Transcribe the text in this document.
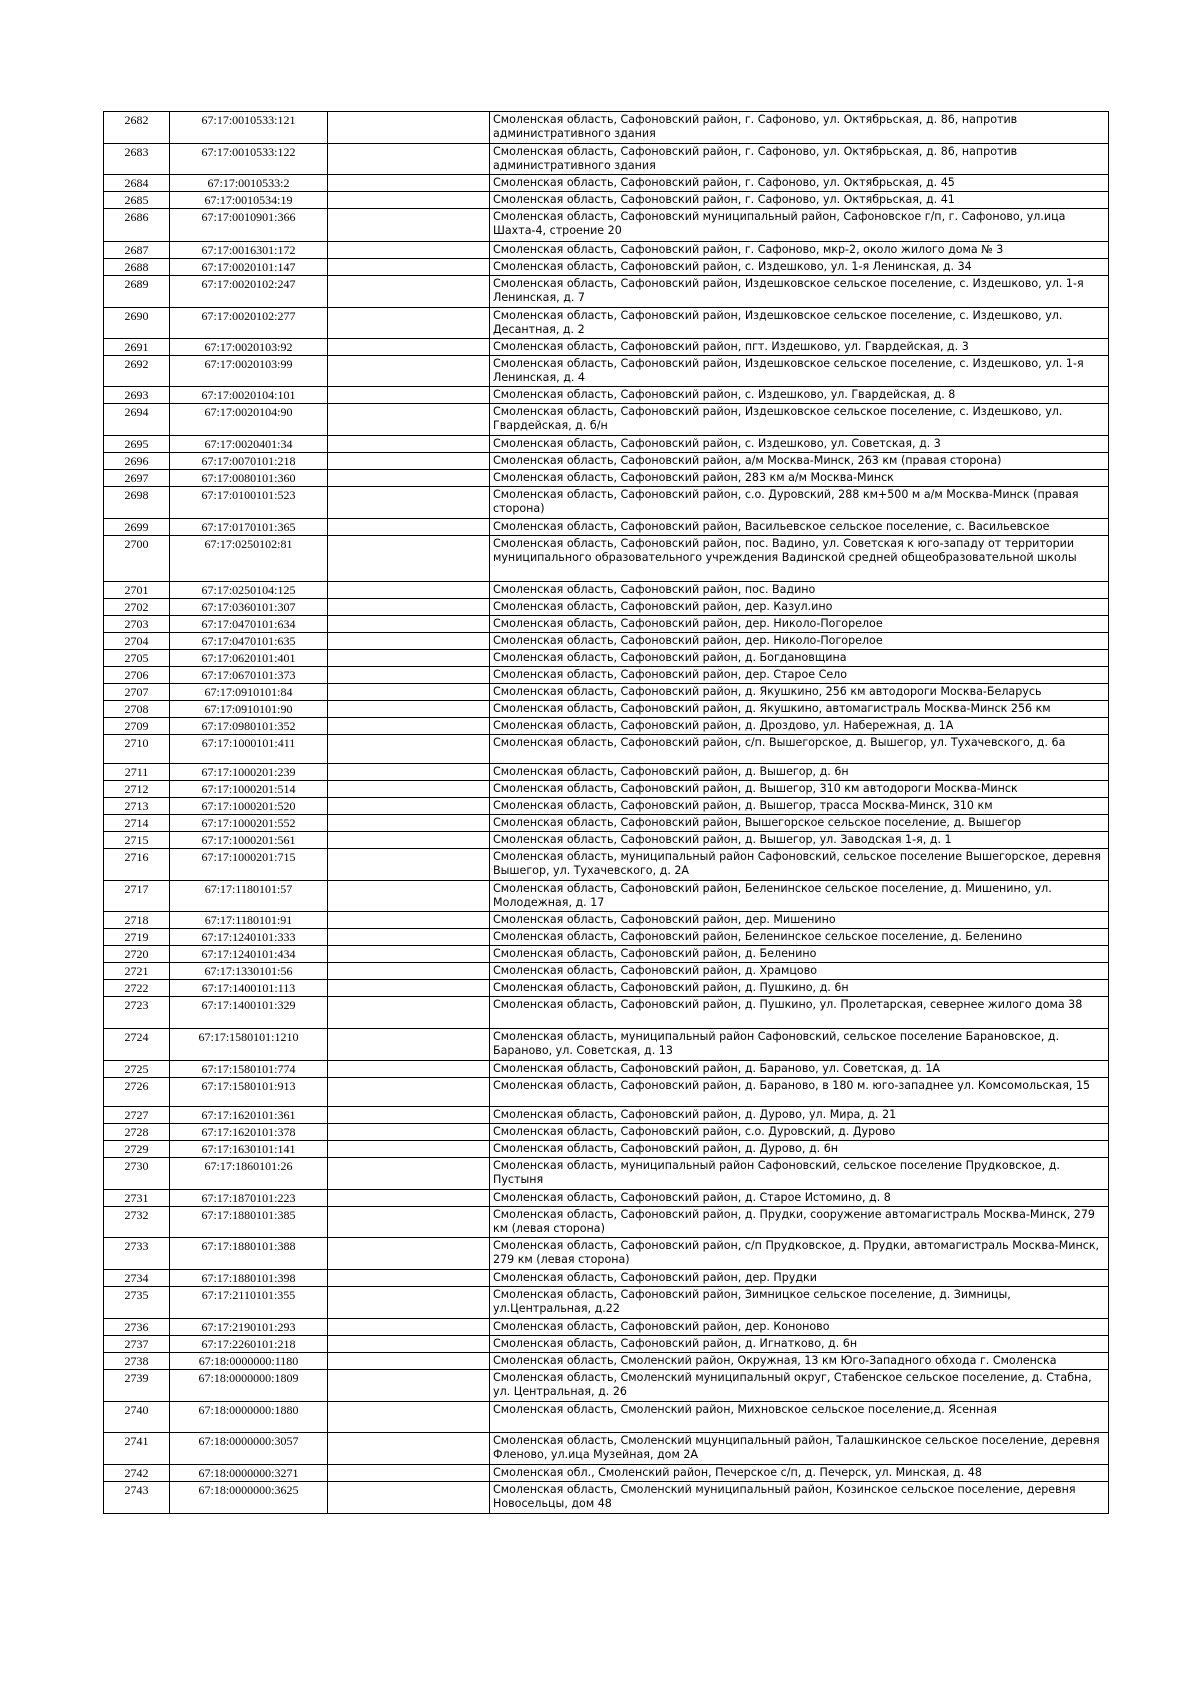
2682	67:17:0010533:121		Смоленская область, Сафоновский район, г. Сафоново, ул. Октябрьская, д. 86, напротив административного здания
2683	67:17:0010533:122		Смоленская область, Сафоновский район, г. Сафоново, ул. Октябрьская, д. 86, напротив административного здания
2684	67:17:0010533:2		Смоленская область, Сафоновский район, г. Сафоново, ул. Октябрьская, д. 45
2685	67:17:0010534:19		Смоленская область, Сафоновский район, г. Сафоново, ул. Октябрьская, д. 41
2686	67:17:0010901:366		Смоленская область, Сафоновский муниципальный район, Сафоновское г/п, г. Сафоново, ул.ица Шахта-4, строение 20
2687	67:17:0016301:172		Смоленская область, Сафоновский район, г. Сафоново, мкр-2, около жилого дома № 3
2688	67:17:0020101:147		Смоленская область, Сафоновский район, с. Издешково, ул. 1-я Ленинская, д. 34
2689	67:17:0020102:247		Смоленская область, Сафоновский район, Издешковское сельское поселение, с. Издешково, ул. 1-я Ленинская, д. 7
2690	67:17:0020102:277		Смоленская область, Сафоновский район, Издешковское сельское поселение, с. Издешково, ул. Десантная, д. 2
2691	67:17:0020103:92		Смоленская область, Сафоновский район, пгт. Издешково, ул. Гвардейская, д. 3
2692	67:17:0020103:99		Смоленская область, Сафоновский район, Издешковское сельское поселение, с. Издешково, ул. 1-я Ленинская, д. 4
2693	67:17:0020104:101		Смоленская область, Сафоновский район, с. Издешково, ул. Гвардейская, д. 8
2694	67:17:0020104:90		Смоленская область, Сафоновский район, Издешковское сельское поселение, с. Издешково, ул. Гвардейская, д. б/н
2695	67:17:0020401:34		Смоленская область, Сафоновский район, с. Издешково, ул. Советская, д. 3
2696	67:17:0070101:218		Смоленская область, Сафоновский район, а/м Москва-Минск, 263 км (правая сторона)
2697	67:17:0080101:360		Смоленская область, Сафоновский район, 283 км а/м Москва-Минск
2698	67:17:0100101:523		Смоленская область, Сафоновский район, с.о. Дуровский, 288 км+500 м а/м Москва-Минск (правая сторона)
2699	67:17:0170101:365		Смоленская область, Сафоновский район, Васильевское сельское поселение, с. Васильевское
2700	67:17:0250102:81		Смоленская область, Сафоновский район, пос. Вадино, ул. Советская к юго-западу от территории муниципального образовательного учреждения Вадинской средней общеобразовательной школы
2701	67:17:0250104:125		Смоленская область, Сафоновский район, пос. Вадино
2702	67:17:0360101:307		Смоленская область, Сафоновский район, дер. Казул.ино
2703	67:17:0470101:634		Смоленская область, Сафоновский район, дер. Николо-Погорелое
2704	67:17:0470101:635		Смоленская область, Сафоновский район, дер. Николо-Погорелое
2705	67:17:0620101:401		Смоленская область, Сафоновский район, д. Богдановщина
2706	67:17:0670101:373		Смоленская область, Сафоновский район, дер. Старое Село
2707	67:17:0910101:84		Смоленская область, Сафоновский район, д. Якушкино, 256 км автодороги Москва-Беларусь
2708	67:17:0910101:90		Смоленская область, Сафоновский район, д. Якушкино, автомагистраль Москва-Минск 256 км
2709	67:17:0980101:352		Смоленская область, Сафоновский район, д. Дроздово, ул. Набережная, д. 1А
2710	67:17:1000101:411		Смоленская область, Сафоновский район, с/п. Вышегорское, д. Вышегор, ул. Тухачевского, д. 6а
2711	67:17:1000201:239		Смоленская область, Сафоновский район, д. Вышегор, д. 6н
2712	67:17:1000201:514		Смоленская область, Сафоновский район, д. Вышегор, 310 км автодороги Москва-Минск
2713	67:17:1000201:520		Смоленская область, Сафоновский район, д. Вышегор, трасса Москва-Минск, 310 км
2714	67:17:1000201:552		Смоленская область, Сафоновский район, Вышегорское сельское поселение, д. Вышегор
2715	67:17:1000201:561		Смоленская область, Сафоновский район, д. Вышегор, ул. Заводская 1-я, д. 1
2716	67:17:1000201:715		Смоленская область, муниципальный район Сафоновский, сельское поселение Вышегорское, деревня Вышегор, ул. Тухачевского, д. 2А
2717	67:17:1180101:57		Смоленская область, Сафоновский район, Беленинское сельское поселение, д. Мишенино, ул. Молодежная, д. 17
2718	67:17:1180101:91		Смоленская область, Сафоновский район, дер. Мишенино
2719	67:17:1240101:333		Смоленская область, Сафоновский район, Беленинское сельское поселение, д. Беленино
2720	67:17:1240101:434		Смоленская область, Сафоновский район, д. Беленино
2721	67:17:1330101:56		Смоленская область, Сафоновский район, д. Храмцово
2722	67:17:1400101:113		Смоленская область, Сафоновский район, д. Пушкино, д. 6н
2723	67:17:1400101:329		Смоленская область, Сафоновский район, д. Пушкино, ул. Пролетарская, севернее жилого дома 38
2724	67:17:1580101:1210		Смоленская область, муниципальный район Сафоновский, сельское поселение Барановское, д. Бараново, ул. Советская, д. 13
2725	67:17:1580101:774		Смоленская область, Сафоновский район, д. Бараново, ул. Советская, д. 1А
2726	67:17:1580101:913		Смоленская область, Сафоновский район, д. Бараново, в 180 м. юго-западнее ул. Комсомольская, 15
2727	67:17:1620101:361		Смоленская область, Сафоновский район, д. Дурово, ул. Мира, д. 21
2728	67:17:1620101:378		Смоленская область, Сафоновский район, с.о. Дуровский, д. Дурово
2729	67:17:1630101:141		Смоленская область, Сафоновский район, д. Дурово, д. 6н
2730	67:17:1860101:26		Смоленская область, муниципальный район Сафоновский, сельское поселение Прудковское, д. Пустыня
2731	67:17:1870101:223		Смоленская область, Сафоновский район, д. Старое Истомино, д. 8
2732	67:17:1880101:385		Смоленская область, Сафоновский район, д. Прудки, сооружение автомагистраль Москва-Минск, 279 км (левая сторона)
2733	67:17:1880101:388		Смоленская область, Сафоновский район, с/п Прудковское, д. Прудки, автомагистраль Москва-Минск, 279 км (левая сторона)
2734	67:17:1880101:398		Смоленская область, Сафоновский район, дер. Прудки
2735	67:17:2110101:355		Смоленская область, Сафоновский район, Зимницкое сельское поселение, д. Зимницы, ул.Центральная, д.22
2736	67:17:2190101:293		Смоленская область, Сафоновский район, дер. Кононово
2737	67:17:2260101:218		Смоленская область, Сафоновский район, д. Игнатково, д. 6н
2738	67:18:0000000:1180		Смоленская область, Смоленский район, Окружная, 13 км Юго-Западного обхода г. Смоленска
2739	67:18:0000000:1809		Смоленская область, Смоленский муниципальный округ, Стабенское сельское поселение, д. Стабна, ул. Центральная, д. 26
2740	67:18:0000000:1880		Смоленская область, Смоленский район, Михновское сельское поселение,д. Ясенная
2741	67:18:0000000:3057		Смоленская область, Смоленский мцунципальный район, Талашкинское сельское поселение, деревня Фленово, ул.ица Музейная, дом 2А
2742	67:18:0000000:3271		Смоленская обл., Смоленский район, Печерское с/п, д. Печерск, ул. Минская, д. 48
2743	67:18:0000000:3625		Смоленская область, Смоленский муниципальный район, Козинское сельское поселение, деревня Новосельцы, дом 48
